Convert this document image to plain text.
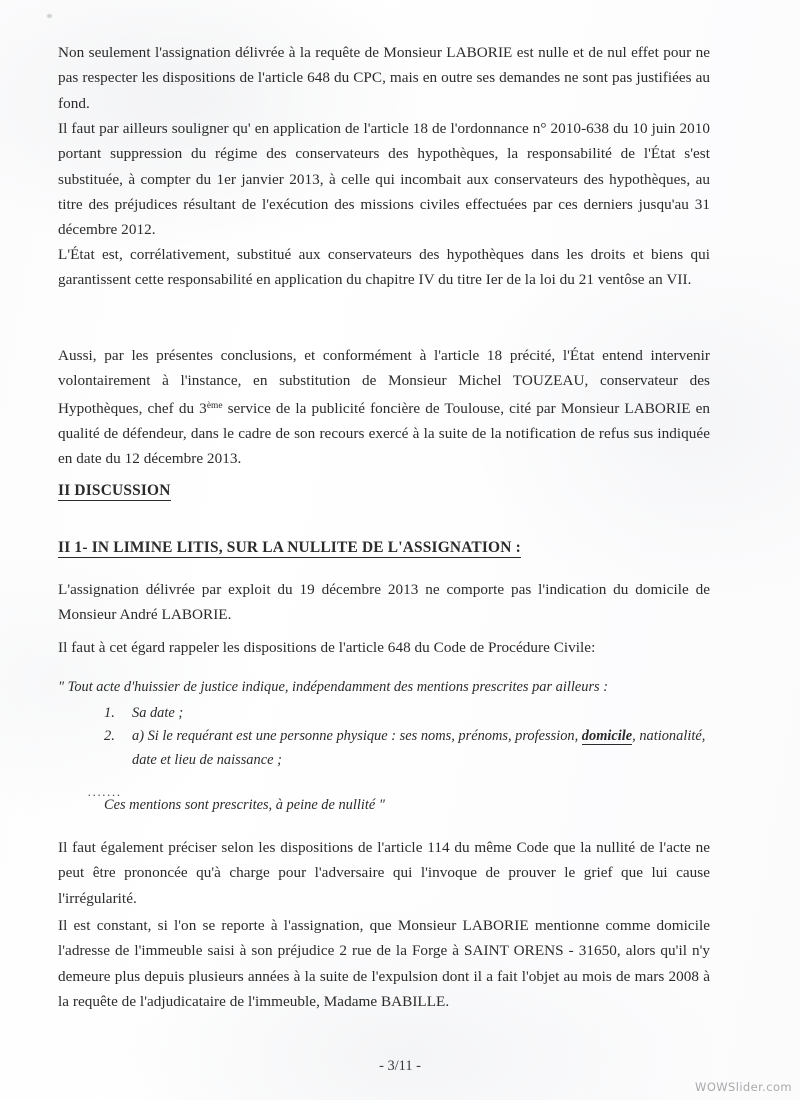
Non seulement l'assignation délivrée à la requête de Monsieur LABORIE est nulle et de nul effet pour ne pas respecter les dispositions de l'article 648 du CPC, mais en outre ses demandes ne sont pas justifiées au fond.

Il faut par ailleurs souligner qu' en application de l'article 18 de l'ordonnance n° 2010-638 du 10 juin 2010 portant suppression du régime des conservateurs des hypothèques, la responsabilité de l'État s'est substituée, à compter du 1er janvier 2013, à celle qui incombait aux conservateurs des hypothèques, au titre des préjudices résultant de l'exécution des missions civiles effectuées par ces derniers jusqu'au 31 décembre 2012.

L'État est, corrélativement, substitué aux conservateurs des hypothèques dans les droits et biens qui garantissent cette responsabilité en application du chapitre IV du titre Ier de la loi du 21 ventôse an VII.

Aussi, par les présentes conclusions, et conformément à l'article 18 précité, l'État entend intervenir volontairement à l'instance, en substitution de Monsieur Michel TOUZEAU, conservateur des Hypothèques, chef du 3ème service de la publicité foncière de Toulouse, cité par Monsieur LABORIE en qualité de défendeur, dans le cadre de son recours exercé à la suite de la notification de refus sus indiquée en date du 12 décembre 2013.

II DISCUSSION
II 1- IN LIMINE LITIS, SUR LA NULLITE DE L'ASSIGNATION :

L'assignation délivrée par exploit du 19 décembre 2013 ne comporte pas l'indication du domicile de Monsieur André LABORIE.

Il faut à cet égard rappeler les dispositions de l'article 648 du Code de Procédure Civile:

" Tout acte d'huissier de justice indique, indépendamment des mentions prescrites par ailleurs :

1. Sa date ;
2. a) Si le requérant est une personne physique : ses noms, prénoms, profession, domicile, nationalité, date et lieu de naissance ;
.......

Ces mentions sont prescrites, à peine de nullité "

Il faut également préciser selon les dispositions de l'article 114 du même Code que la nullité de l'acte ne peut être prononcée qu'à charge pour l'adversaire qui l'invoque de prouver le grief que lui cause l'irrégularité.

Il est constant, si l'on se reporte à l'assignation, que Monsieur LABORIE mentionne comme domicile l'adresse de l'immeuble saisi à son préjudice 2 rue de la Forge à SAINT ORENS - 31650, alors qu'il n'y demeure plus depuis plusieurs années à la suite de l'expulsion dont il a fait l'objet au mois de mars 2008 à la requête de l'adjudicataire de l'immeuble, Madame BABILLE.

- 3/11 -
WOWSlider.com
